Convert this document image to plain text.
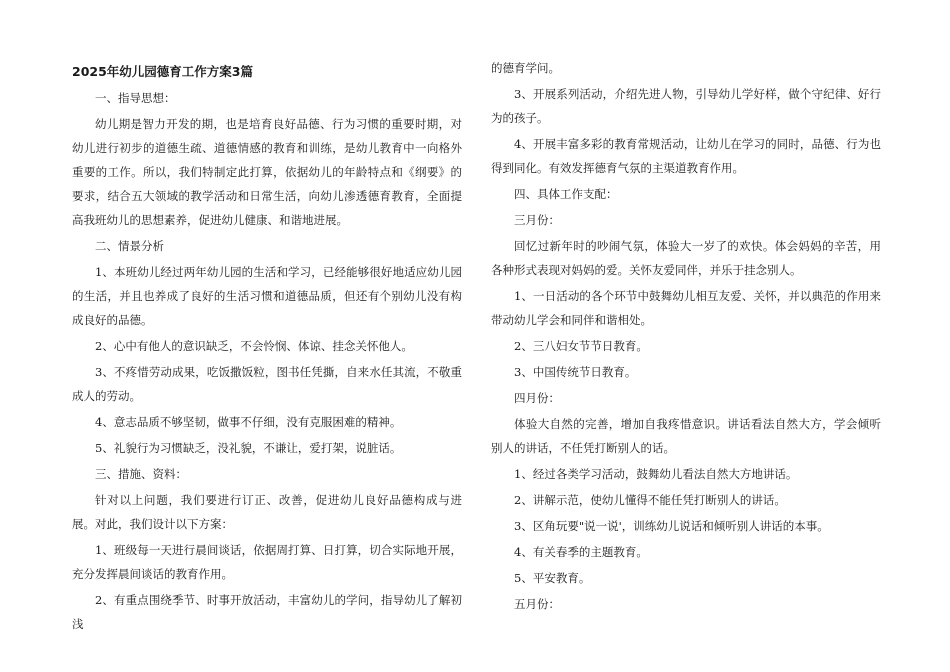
2025年幼儿园德育工作方案3篇

一、指导思想：

幼儿期是智力开发的期，也是培育良好品德、行为习惯的重要时期，对幼儿进行初步的道德生疏、道德情感的教育和训练，是幼儿教育中一向格外重要的工作。所以，我们特制定此打算，依据幼儿的年龄特点和《纲要》的要求，结合五大领域的教学活动和日常生活，向幼儿渗透德育教育，全面提高我班幼儿的思想素养，促进幼儿健康、和谐地进展。

二、情景分析

1、本班幼儿经过两年幼儿园的生活和学习，已经能够很好地适应幼儿园的生活，并且也养成了良好的生活习惯和道德品质，但还有个别幼儿没有构成良好的品德。

2、心中有他人的意识缺乏，不会怜悯、体谅、挂念关怀他人。

3、不疼惜劳动成果，吃饭撒饭粒，图书任凭撕，自来水任其流，不敬重成人的劳动。

4、意志品质不够坚韧，做事不仔细，没有克服困难的精神。

5、礼貌行为习惯缺乏，没礼貌，不谦让，爱打架，说脏话。

三、措施、资料：

针对以上问题，我们要进行订正、改善，促进幼儿良好品德构成与进展。对此，我们设计以下方案：

1、班级每一天进行晨间谈话，依据周打算、日打算，切合实际地开展，充分发挥晨间谈话的教育作用。

2、有重点围绕季节、时事开放活动，丰富幼儿的学问，指导幼儿了解初浅

的德育学问。

3、开展系列活动，介绍先进人物，引导幼儿学好样，做个守纪律、好行为的孩子。

4、开展丰富多彩的教育常规活动，让幼儿在学习的同时，品德、行为也得到同化。有效发挥德育气氛的主渠道教育作用。

四、具体工作支配：

三月份：

回忆过新年时的吵闹气氛，体验大一岁了的欢快。体会妈妈的辛苦，用各种形式表现对妈妈的爱。关怀友爱同伴，并乐于挂念别人。

1、一日活动的各个环节中鼓舞幼儿相互友爱、关怀，并以典范的作用来带动幼儿学会和同伴和谐相处。

2、三八妇女节节日教育。

3、中国传统节日教育。

四月份：

体验大自然的完善，增加自我疼惜意识。讲话看法自然大方，学会倾听别人的讲话，不任凭打断别人的话。

1、经过各类学习活动，鼓舞幼儿看法自然大方地讲话。

2、讲解示范，使幼儿懂得不能任凭打断别人的讲话。

3、区角玩要"说一说'，训练幼儿说话和倾听别人讲话的本事。

4、有关春季的主题教育。

5、平安教育。

五月份：
